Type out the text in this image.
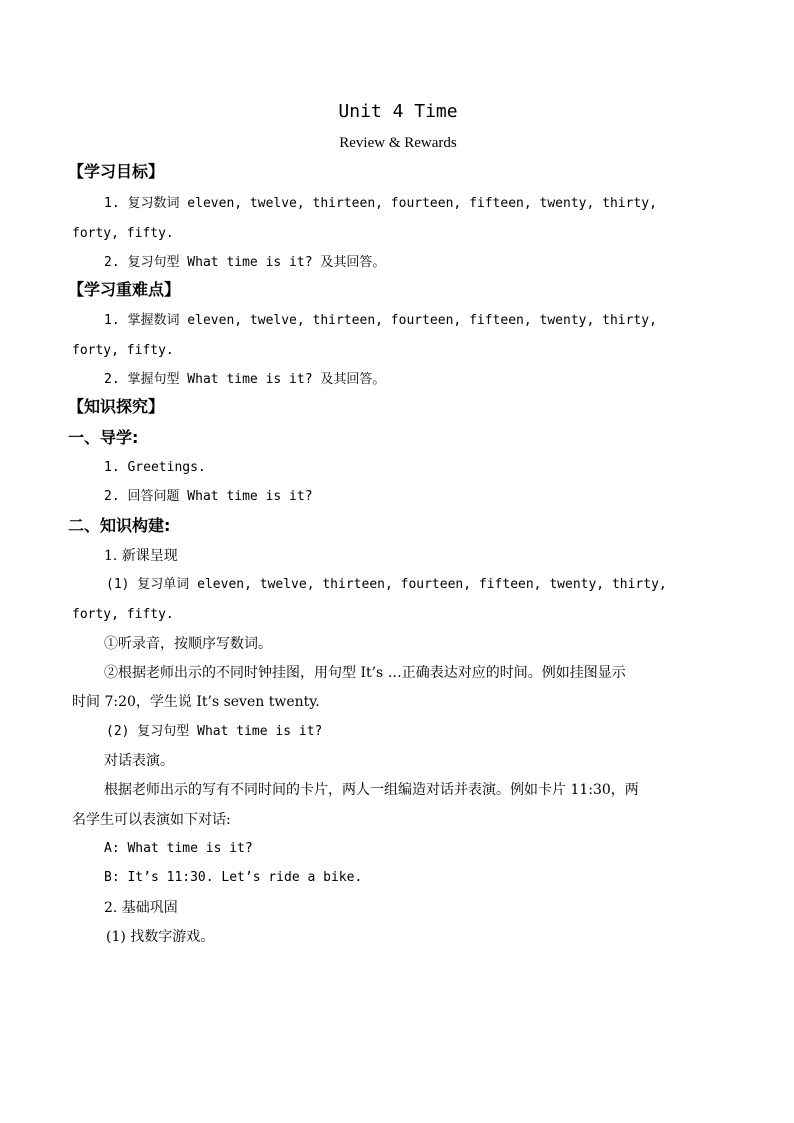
Unit 4 Time
Review & Rewards
【学习目标】
1. 复习数词 eleven, twelve, thirteen, fourteen, fifteen, twenty, thirty,
forty, fifty.
2. 复习句型 What time is it? 及其回答。
【学习重难点】
1. 掌握数词 eleven, twelve, thirteen, fourteen, fifteen, twenty, thirty,
forty, fifty.
2. 掌握句型 What time is it? 及其回答。
【知识探究】
一、导学:
1. Greetings.
2. 回答问题 What time is it?
二、知识构建:
1. 新课呈现
(1) 复习单词 eleven, twelve, thirteen, fourteen, fifteen, twenty, thirty,
forty, fifty.
①听录音，按顺序写数词。
②根据老师出示的不同时钟挂图，用句型 It’s …正确表达对应的时间。例如挂图显示
时间 7:20，学生说 It’s seven twenty.
(2) 复习句型 What time is it?
对话表演。
根据老师出示的写有不同时间的卡片，两人一组编造对话并表演。例如卡片 11:30，两
名学生可以表演如下对话:
A: What time is it?
B: It’s 11:30. Let’s ride a bike.
2. 基础巩固
(1) 找数字游戏。
